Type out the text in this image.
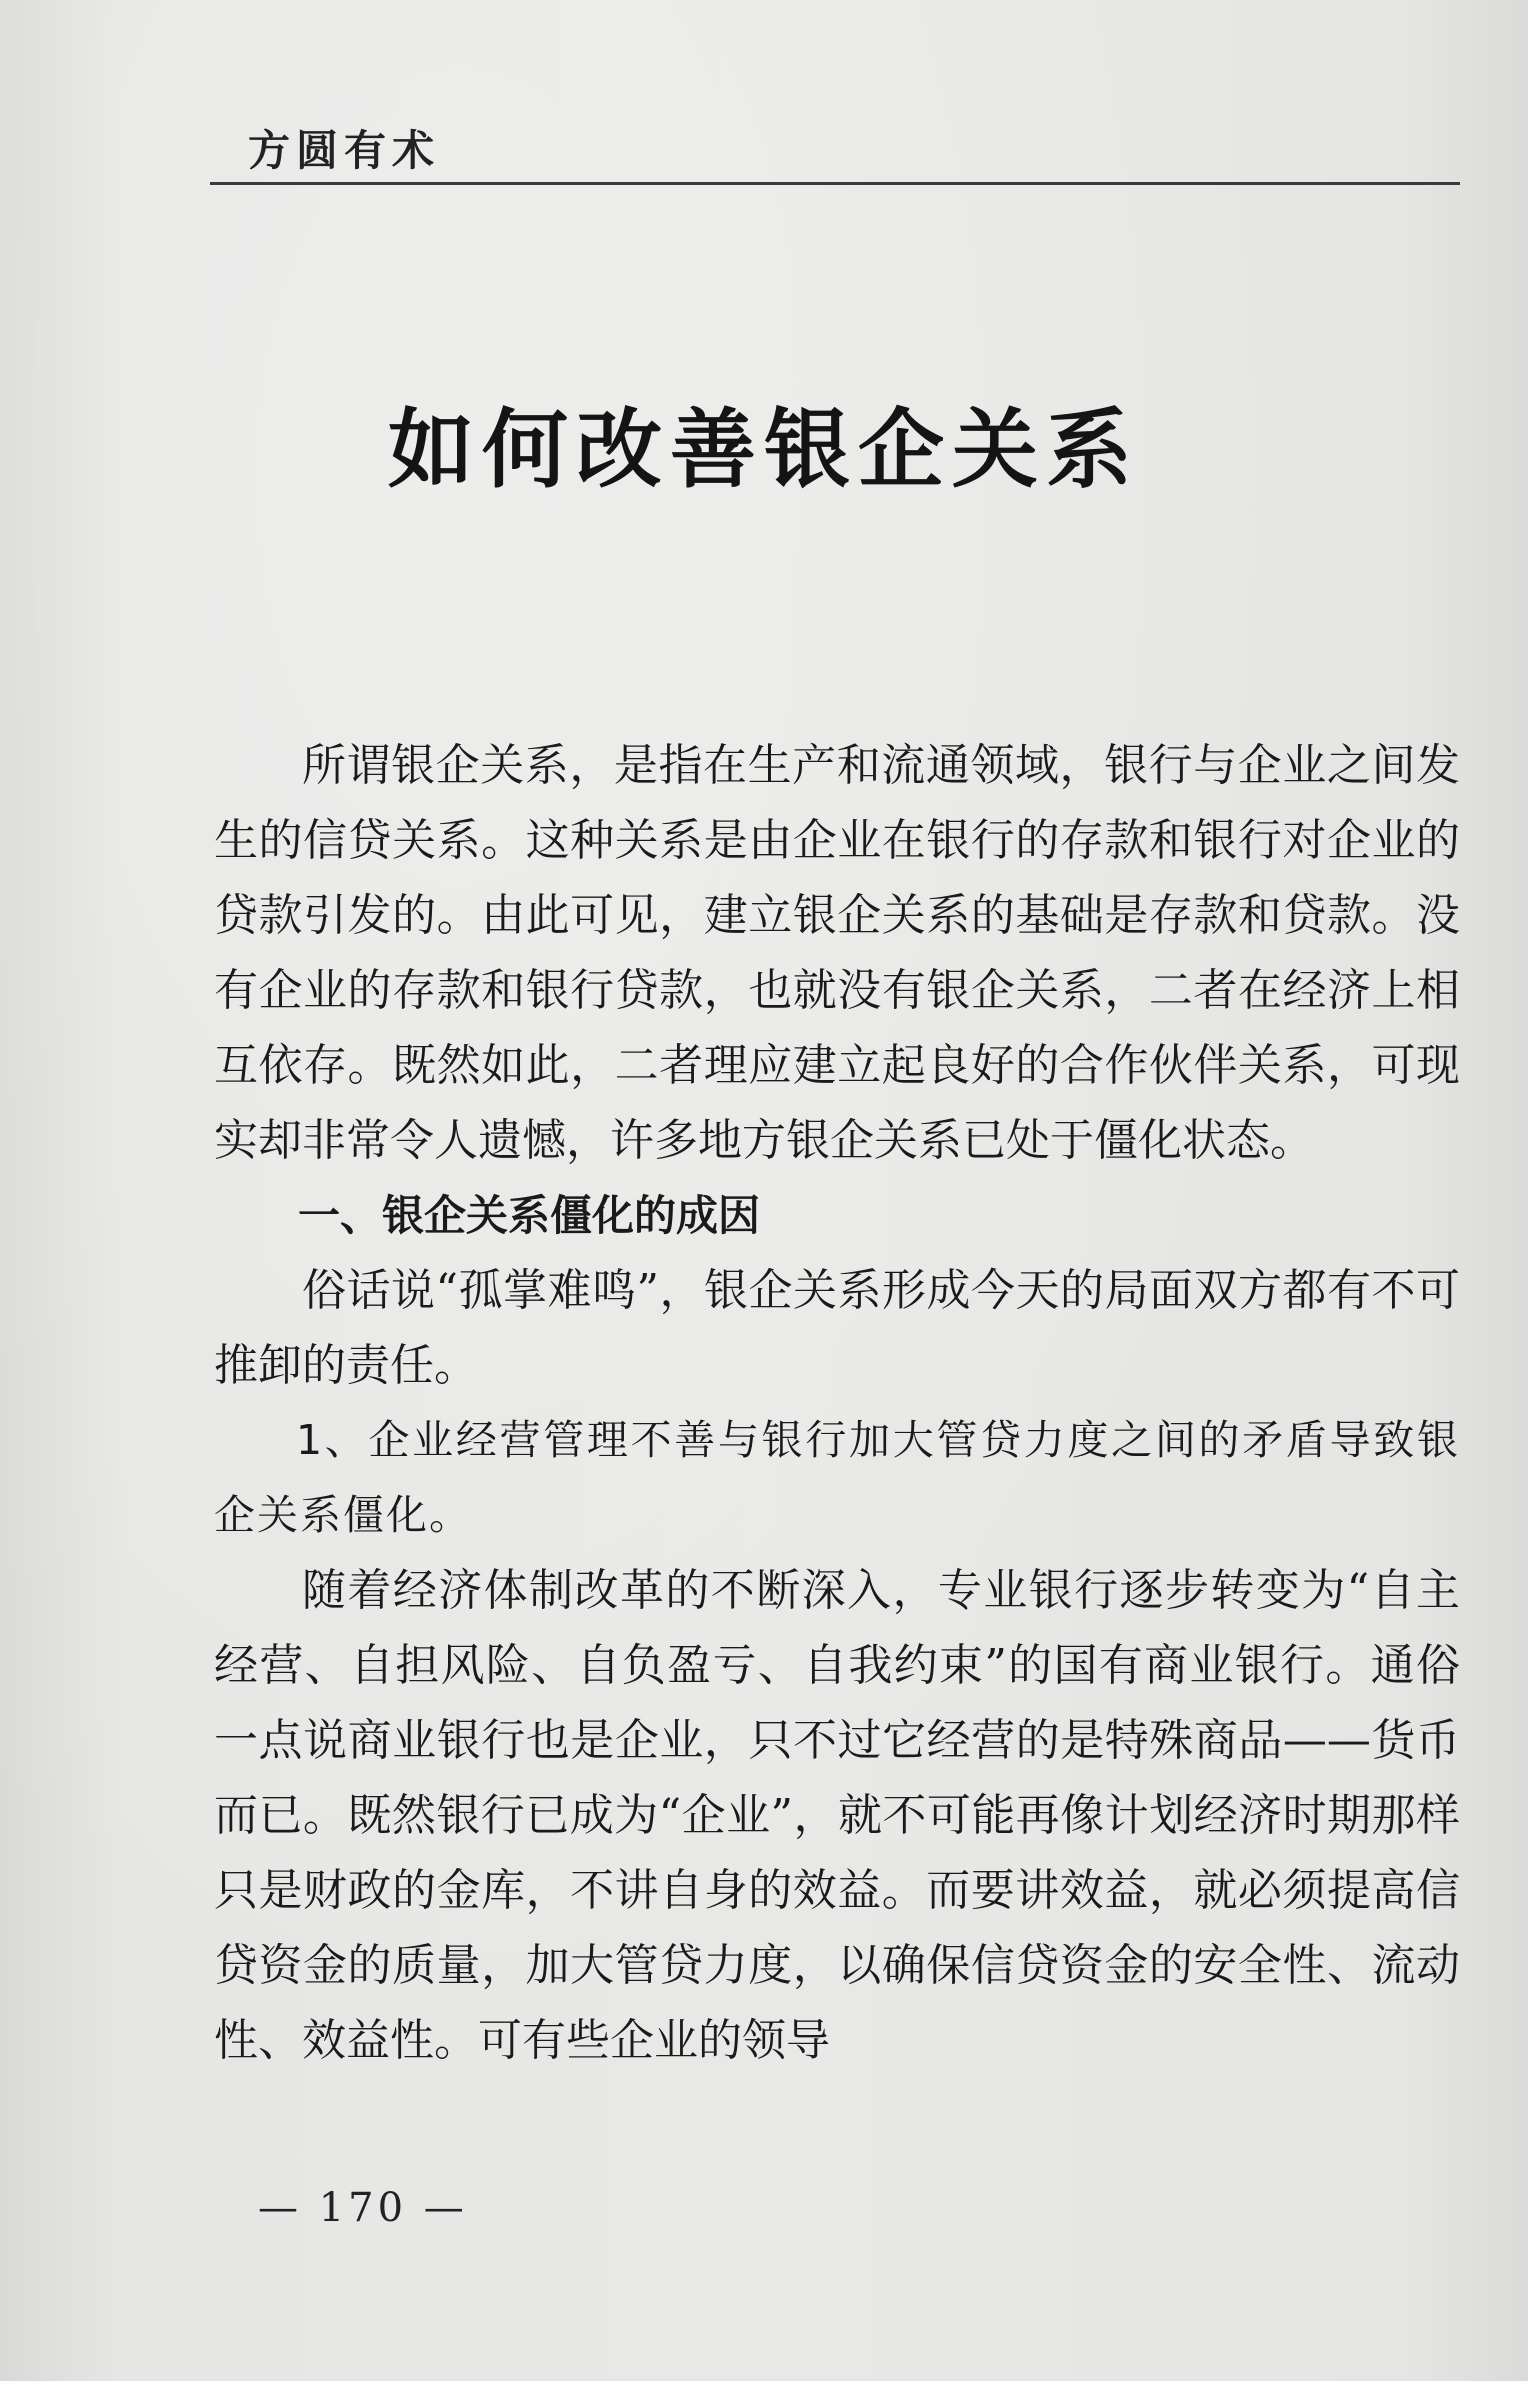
方圆有术

如何改善银企关系

所谓银企关系，是指在生产和流通领域，银行与企业之间发生的信贷关系。这种关系是由企业在银行的存款和银行对企业的贷款引发的。由此可见，建立银企关系的基础是存款和贷款。没有企业的存款和银行贷款，也就没有银企关系，二者在经济上相互依存。既然如此，二者理应建立起良好的合作伙伴关系，可现实却非常令人遗憾，许多地方银企关系已处于僵化状态。

一、银企关系僵化的成因

俗话说“孤掌难鸣”，银企关系形成今天的局面双方都有不可推卸的责任。

1、企业经营管理不善与银行加大管贷力度之间的矛盾导致银企关系僵化。

随着经济体制改革的不断深入，专业银行逐步转变为“自主经营、自担风险、自负盈亏、自我约束”的国有商业银行。通俗一点说商业银行也是企业，只不过它经营的是特殊商品——货币而已。既然银行已成为“企业”，就不可能再像计划经济时期那样只是财政的金库，不讲自身的效益。而要讲效益，就必须提高信贷资金的质量，加大管贷力度，以确保信贷资金的安全性、流动性、效益性。可有些企业的领导

— 170 —
